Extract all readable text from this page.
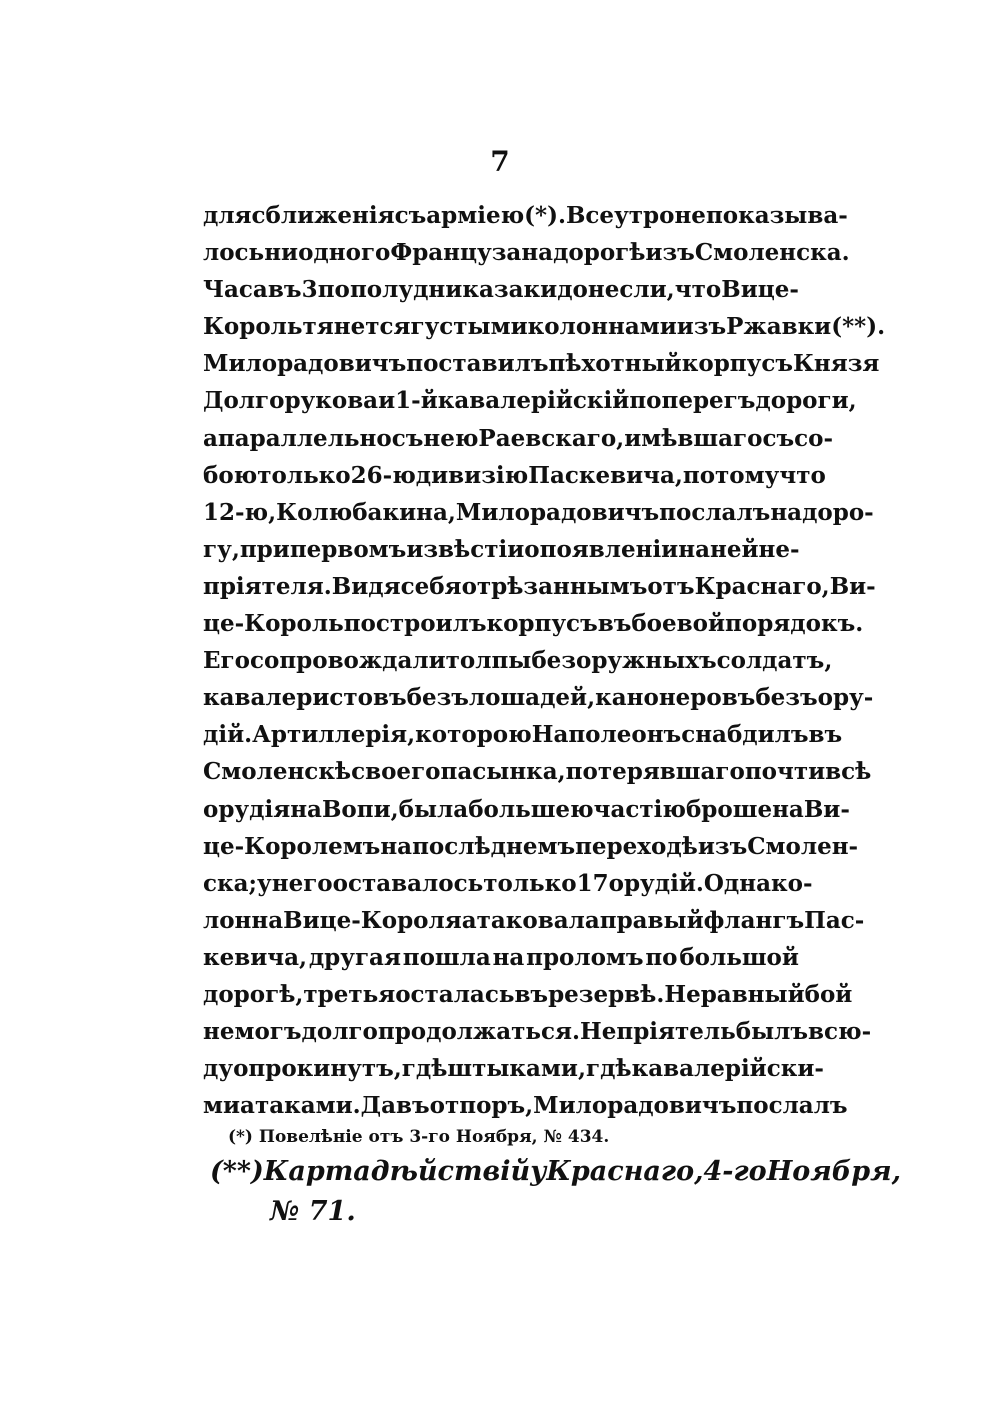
7
для сближенія съ арміею (*). Все утро не показыва-
лось ни одного Француза на дорогѣ изъ Смоленска.
Часа въ 3 по полудни казаки донесли, что Вице-
Король тянется густыми колоннами изъ Ржавки (**).
Милорадовичъ поставилъ пѣхотный корпусъ Князя
Долгорукова и 1-й кавалерійскій поперегъ дороги,
а параллельно съ нею Раевскаго, имѣвшаго съ со-
бою только 26-ю дивизію Паскевича, потому что
12-ю, Колюбакина, Милорадовичъ послалъ на доро-
гу, при первомъ извѣстіи о появленіи на ней не-
пріятеля. Видя себя отрѣзаннымъ отъ Краснаго, Ви-
це-Король построилъ корпусъ въ боевой порядокъ.
Его сопровождали толпы безоружныхъ солдатъ,
кавалеристовъ безъ лошадей, канонеровъ безъ ору-
дій. Артиллерія, которою Наполеонъ снабдилъ въ
Смоленскѣ своего пасынка, потерявшаго почти всѣ
орудія на Вопи, была большею частію брошена Ви-
це-Королемъ на послѣднемъ переходѣ изъ Смолен-
ска; у него оставалось только 17 орудій. Одна ко-
лонна Вице - Короля атаковала правый флангъ Пас-
кевича, другая пошла на проломъ по большой
дорогѣ, третья осталась въ резервѣ. Неравный бой
не могъ долго продолжаться. Непріятель былъ всю-
ду опрокинутъ, гдѣ штыками, гдѣ кавалерійски-
ми атаками. Давъ отпоръ, Милорадовичъ послалъ
(*) Повелѣніе отъ 3-го Ноября, № 434.
(**) Карта дѣйствій у Краснаго, 4-го Ноября,
№ 71.
